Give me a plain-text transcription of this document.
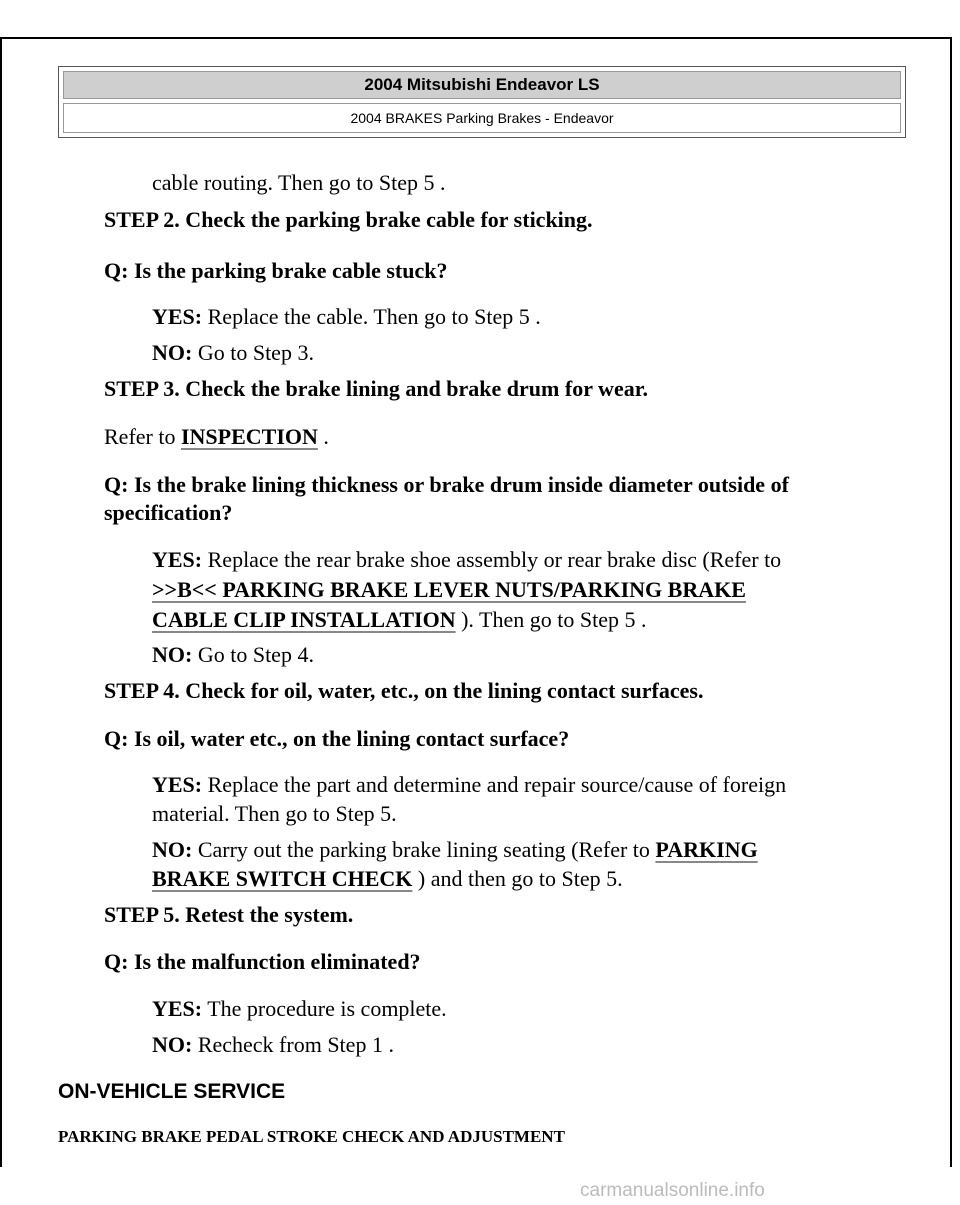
2004 Mitsubishi Endeavor LS
2004 BRAKES Parking Brakes - Endeavor
cable routing. Then go to Step 5 .
STEP 2. Check the parking brake cable for sticking.
Q: Is the parking brake cable stuck?
YES: Replace the cable. Then go to Step 5 .
NO: Go to Step 3.
STEP 3. Check the brake lining and brake drum for wear.
Refer to INSPECTION .
Q: Is the brake lining thickness or brake drum inside diameter outside of
specification?
YES: Replace the rear brake shoe assembly or rear brake disc (Refer to
>>B<< PARKING BRAKE LEVER NUTS/PARKING BRAKE
CABLE CLIP INSTALLATION ). Then go to Step 5 .
NO: Go to Step 4.
STEP 4. Check for oil, water, etc., on the lining contact surfaces.
Q: Is oil, water etc., on the lining contact surface?
YES: Replace the part and determine and repair source/cause of foreign
material. Then go to Step 5.
NO: Carry out the parking brake lining seating (Refer to PARKING
BRAKE SWITCH CHECK ) and then go to Step 5.
STEP 5. Retest the system.
Q: Is the malfunction eliminated?
YES: The procedure is complete.
NO: Recheck from Step 1 .
ON-VEHICLE SERVICE
PARKING BRAKE PEDAL STROKE CHECK AND ADJUSTMENT
carmanualsonline.info
